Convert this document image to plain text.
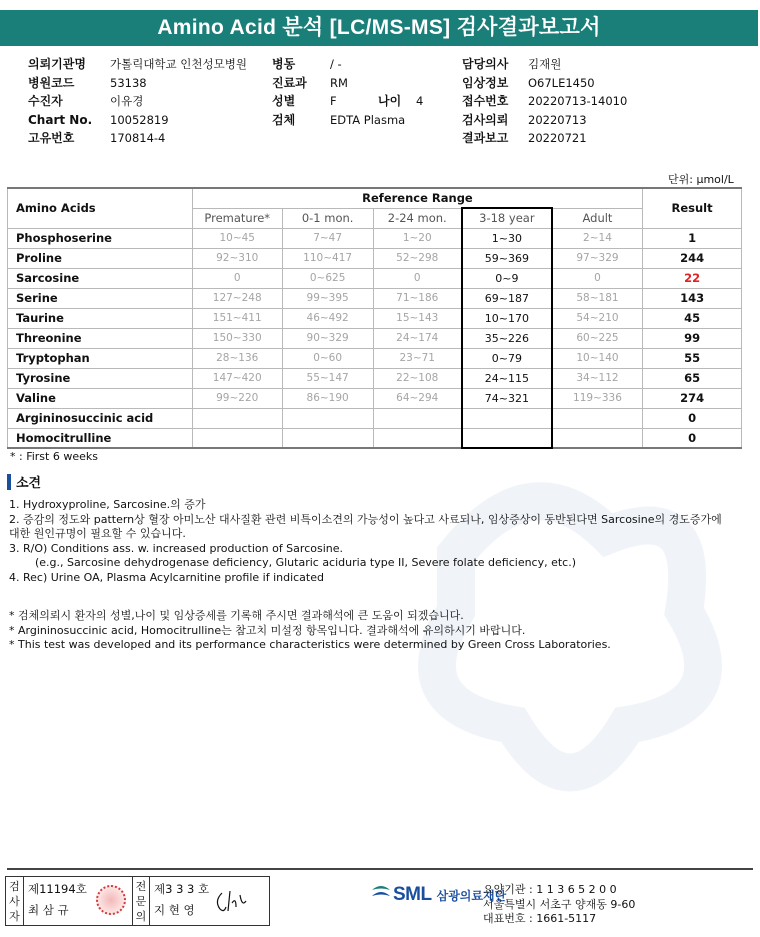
Amino Acid 분석 [LC/MS-MS] 검사결과보고서
의뢰기관명 가톨릭대학교 인천성모병원
병원코드	53138
수진자	이유경
Chart No. 10052819
고유번호	170814-4
병동	/ -
진료과 RM
성별	F	나이 4
검체	EDTA Plasma
담당의사 김재원
임상정보 O67LE1450
접수번호 20220713-14010
검사의뢰 20220713
결과보고 20220721
단위: μmol/L
Amino Acids	Reference Range					Result
	Premature*	0-1 mon.	2-24 mon.	3-18 year	Adult	
Phosphoserine	10~45	7~47	1~20	1~30	2~14	1
Proline	92~310	110~417	52~298	59~369	97~329	244
Sarcosine	0	0~625	0	0~9	0	22
Serine	127~248	99~395	71~186	69~187	58~181	143
Taurine	151~411	46~492	15~143	10~170	54~210	45
Threonine	150~330	90~329	24~174	35~226	60~225	99
Tryptophan	28~136	0~60	23~71	0~79	10~140	55
Tyrosine	147~420	55~147	22~108	24~115	34~112	65
Valine	99~220	86~190	64~294	74~321	119~336	274
Argininosuccinic acid						0
Homocitrulline						0
* : First 6 weeks
소견
1. Hydroxyproline, Sarcosine.의 증가
2. 증감의 정도와 pattern상 혈장 아미노산 대사질환 관련 비특이소견의 가능성이 높다고 사료되나, 임상증상이 동반된다면 Sarcosine의 경도증가에
대한 원인규명이 필요할 수 있습니다.
3. R/O) Conditions ass. w. increased production of Sarcosine.
(e.g., Sarcosine dehydrogenase deficiency, Glutaric aciduria type II, Severe folate deficiency, etc.)
4. Rec) Urine OA, Plasma Acylcarnitine profile if indicated
* 검체의뢰시 환자의 성별,나이 및 임상증세를 기록해 주시면 결과해석에 큰 도움이 되겠습니다.
* Argininosuccinic acid, Homocitrulline는 참고치 미설정 항목입니다. 결과해석에 유의하시기 바랍니다.
* This test was developed and its performance characteristics were determined by Green Cross Laboratories.
검사자
제11194호
최 삼 규
전문의
제3 3 3 호
지 현 영
SML 삼광의료재단
요양기관 : 1 1 3 6 5 2 0 0
서울특별시 서초구 양재동 9-60
대표번호 : 1661-5117
